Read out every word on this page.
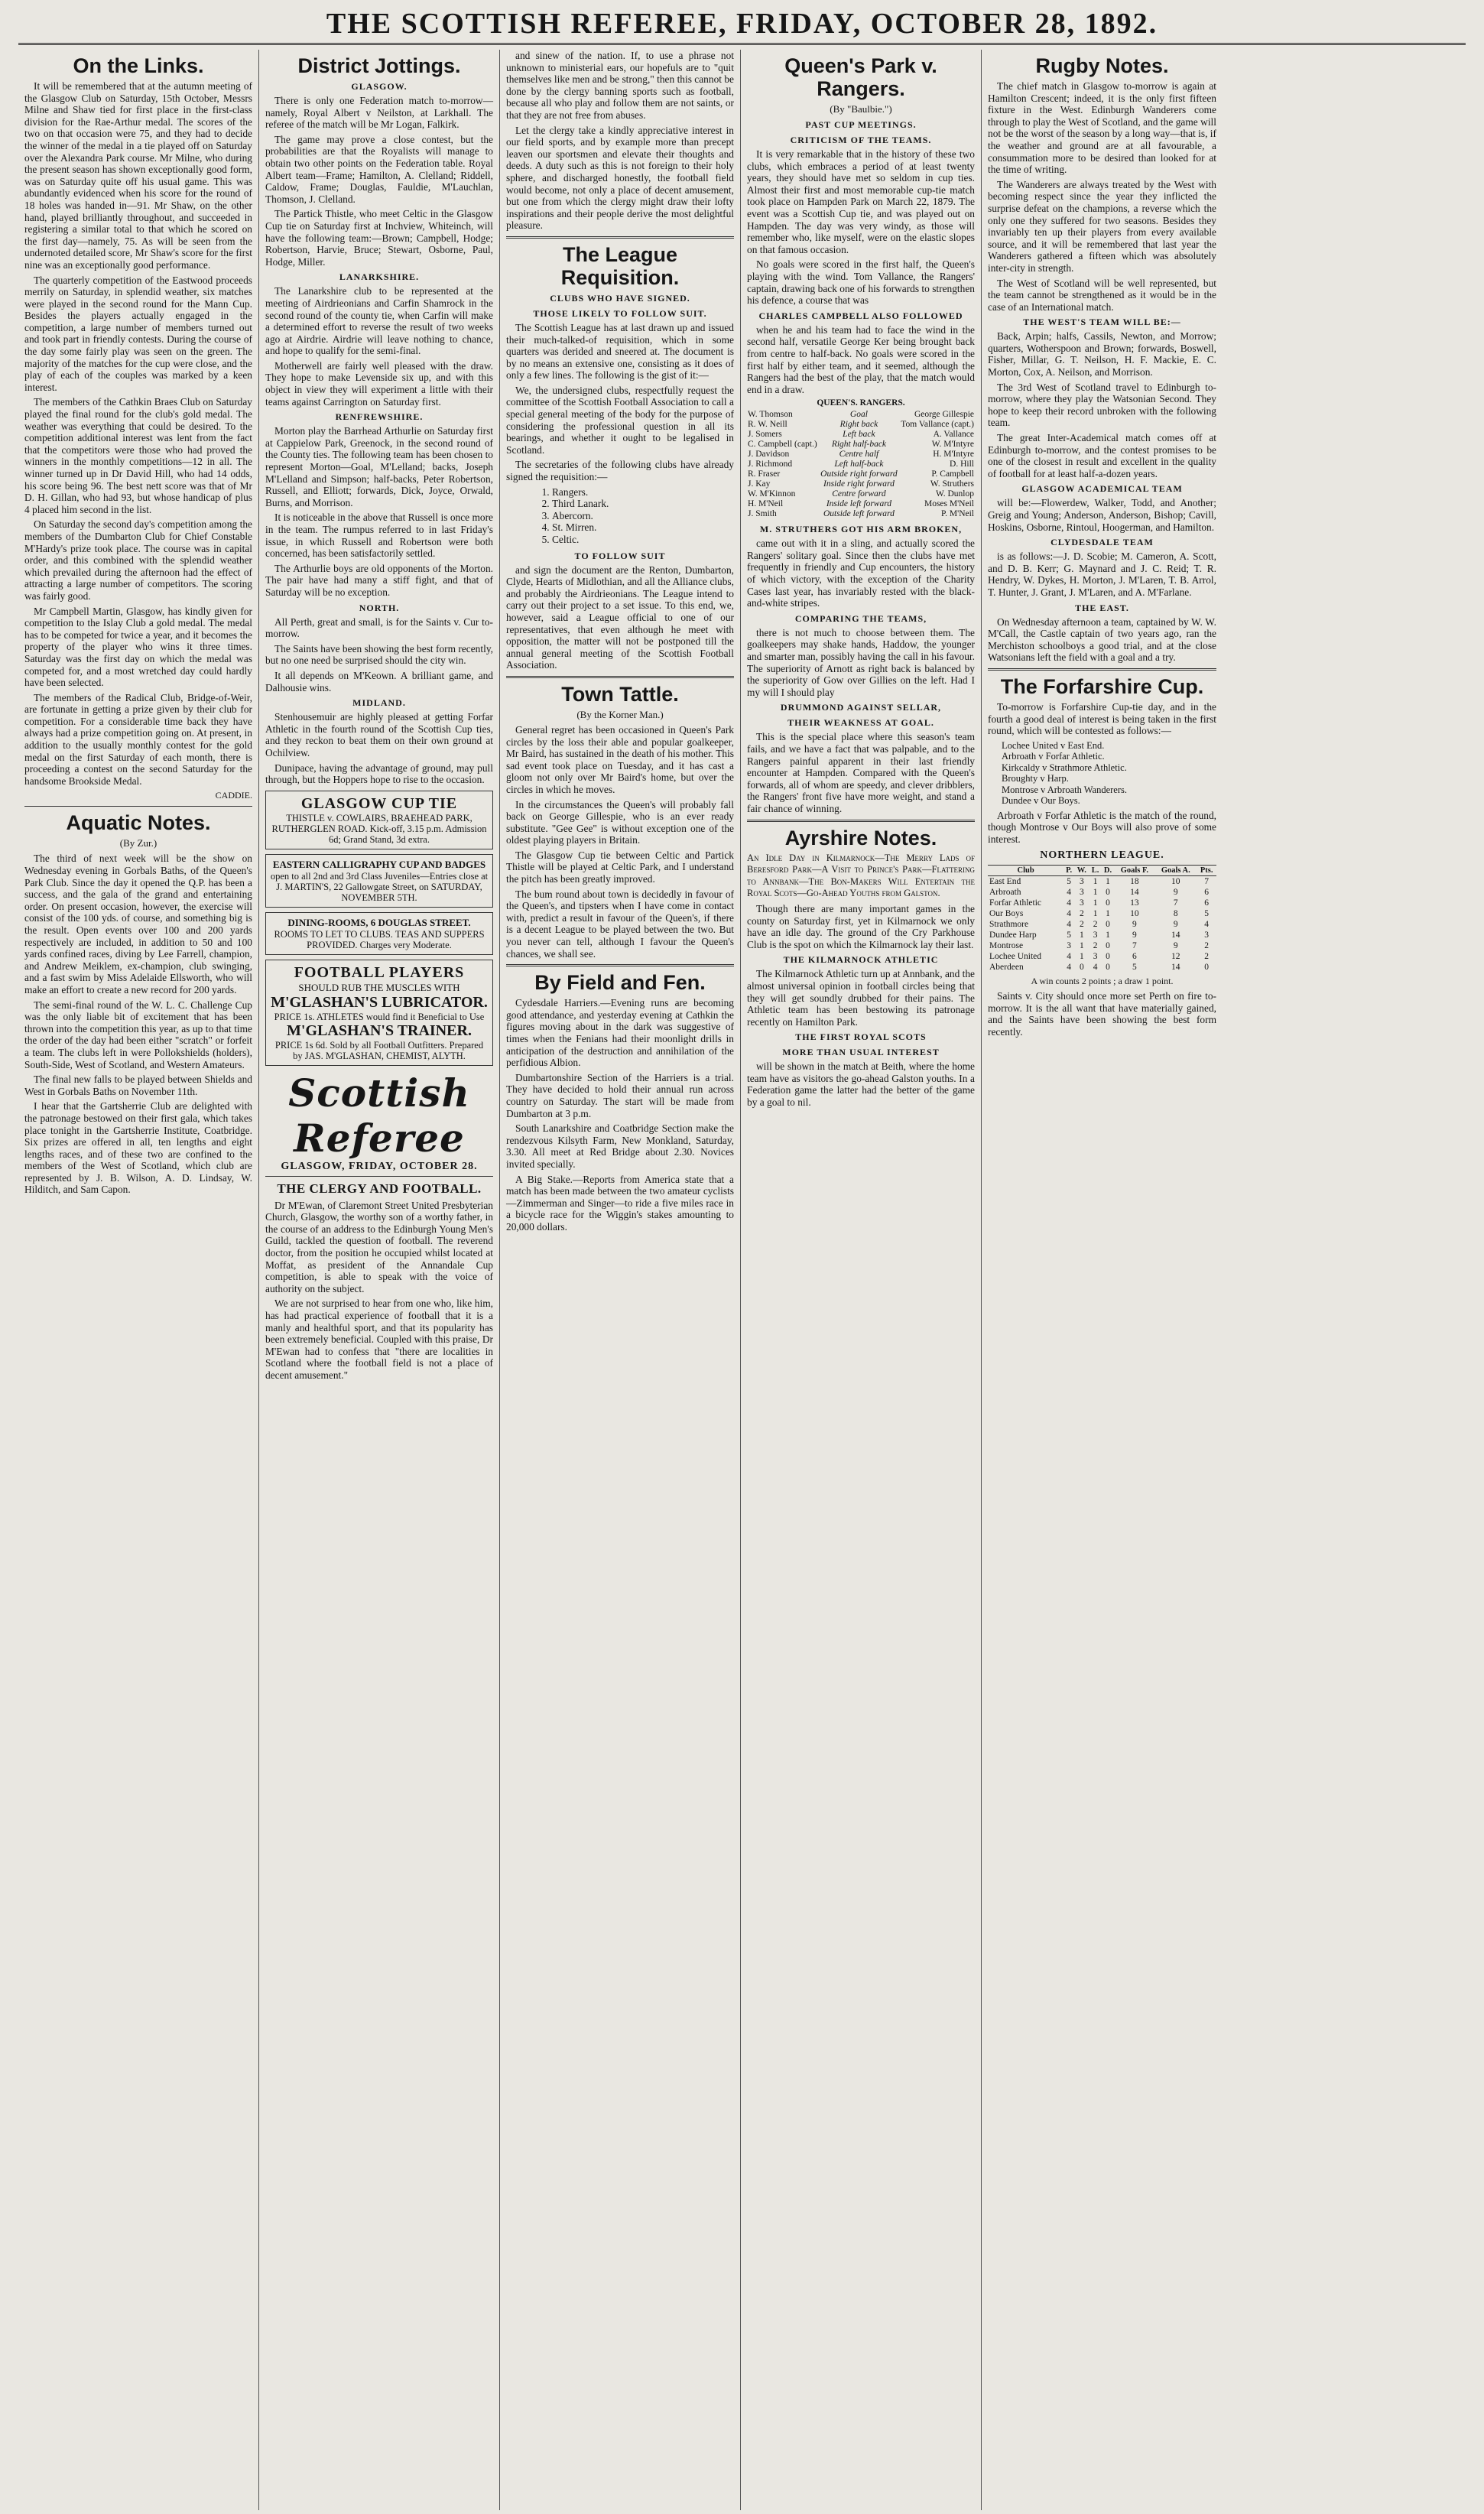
THE SCOTTISH REFEREE, FRIDAY, OCTOBER 28, 1892.
On the Links.

It will be remembered that at the autumn meeting of the Glasgow Club on Saturday, 15th October, Messrs Milne and Shaw tied for first place in the first-class division for the Rae-Arthur medal. The scores of the two on that occasion were 75, and they had to decide the winner of the medal in a tie played off on Saturday over the Alexandra Park course. Mr Milne, who during the present season has shown exceptionally good form, was on Saturday quite off his usual game. This was abundantly evidenced when his score for the round of 18 holes was handed in—91. Mr Shaw, on the other hand, played brilliantly throughout, and succeeded in registering a similar total to that which he scored on the first day—namely, 75. As will be seen from the undernoted detailed score, Mr Shaw's score for the first nine was an exceptionally good performance.

The quarterly competition of the Eastwood proceeds merrily on Saturday, in splendid weather, six matches were played in the second round for the Mann Cup. Besides the players actually engaged in the competition, a large number of members turned out and took part in friendly contests. During the course of the day some fairly play was seen on the green. The majority of the matches for the cup were close, and the play of each of the couples was marked by a keen interest.

The members of the Cathkin Braes Club on Saturday played the final round for the club's gold medal. The weather was everything that could be desired. To the competition additional interest was lent from the fact that the competitors were those who had proved the winners in the monthly competitions—12 in all. The winner turned up in Dr David Hill, who had 14 odds, his score being 96. The best nett score was that of Mr D. H. Gillan, who had 93, but whose handicap of plus 4 placed him second in the list.

On Saturday the second day's competition among the members of the Dumbarton Club for Chief Constable M'Hardy's prize took place. The course was in capital order, and this combined with the splendid weather which prevailed during the afternoon had the effect of attracting a large number of competitors. The scoring was fairly good.

Mr Campbell Martin, Glasgow, has kindly given for competition to the Islay Club a gold medal. The medal has to be competed for twice a year, and it becomes the property of the player who wins it three times. Saturday was the first day on which the medal was competed for, and a most wretched day could hardly have been selected.

The members of the Radical Club, Bridge-of-Weir, are fortunate in getting a prize given by their club for competition. For a considerable time back they have always had a prize competition going on. At present, in addition to the usually monthly contest for the gold medal on the first Saturday of each month, there is proceeding a contest on the second Saturday for the handsome Brookside Medal.

CADDIE.
Aquatic Notes.
(By Zur.)

The third of next week will be the show on Wednesday evening in Gorbals Baths, of the Queen's Park Club. Since the day it opened the Q.P. has been a success, and the gala of the grand and entertaining order. On present occasion, however, the exercise will consist of the 100 yds. of course, and something big is the result. Open events over 100 and 200 yards respectively are included, in addition to 50 and 100 yards confined races, diving by Lee Farrell, champion, and Andrew Meiklem, ex-champion, club swinging, and a fast swim by Miss Adelaide Ellsworth, who will make an effort to create a new record for 200 yards.

The semi-final round of the W. L. C. Challenge Cup was the only liable bit of excitement that has been thrown into the competition this year, as up to that time the order of the day had been either "scratch" or forfeit a team. The clubs left in were Pollokshields (holders), South-Side, West of Scotland, and Western Amateurs.

The final new falls to be played between Shields and West in Gorbals Baths on November 11th.

I hear that the Gartsherrie Club are delighted with the patronage bestowed on their first gala, which takes place tonight in the Gartsherrie Institute, Coatbridge. Six prizes are offered in all, ten lengths and eight lengths races, and of these two are confined to the members of the West of Scotland, which club are represented by J. B. Wilson, A. D. Lindsay, W. Hilditch, and Sam Capon.

District Jottings.
GLASGOW.

There is only one Federation match to-morrow—namely, Royal Albert v Neilston, at Larkhall. The referee of the match will be Mr Logan, Falkirk.

The game may prove a close contest, but the probabilities are that the Royalists will manage to obtain two other points on the Federation table. Royal Albert team—Frame; Hamilton, A. Clelland; Riddell, Caldow, Frame; Douglas, Fauldie, M'Lauchlan, Thomson, J. Clelland.

The Partick Thistle, who meet Celtic in the Glasgow Cup tie on Saturday first at Inchview, Whiteinch, will have the following team:—Brown; Campbell, Hodge; Robertson, Harvie, Bruce; Stewart, Osborne, Paul, Hodge, Miller.

LANARKSHIRE.

The Lanarkshire club to be represented at the meeting of Airdrieonians and Carfin Shamrock in the second round of the county tie, when Carfin will make a determined effort to reverse the result of two weeks ago at Airdrie. Airdrie will leave nothing to chance, and hope to qualify for the semi-final.

Motherwell are fairly well pleased with the draw. They hope to make Levenside six up, and with this object in view they will experiment a little with their teams against Carrington on Saturday first.

RENFREWSHIRE.

Morton play the Barrhead Arthurlie on Saturday first at Cappielow Park, Greenock, in the second round of the County ties. The following team has been chosen to represent Morton—Goal, M'Lelland; backs, Joseph M'Lelland and Simpson; half-backs, Peter Robertson, Russell, and Elliott; forwards, Dick, Joyce, Orwald, Burns, and Morrison.

It is noticeable in the above that Russell is once more in the team. The rumpus referred to in last Friday's issue, in which Russell and Robertson were both concerned, has been satisfactorily settled.

The Arthurlie boys are old opponents of the Morton. The pair have had many a stiff fight, and that of Saturday will be no exception.

NORTH.

All Perth, great and small, is for the Saints v. Cur to-morrow.

The Saints have been showing the best form recently, but no one need be surprised should the city win.

It all depends on M'Keown. A brilliant game, and Dalhousie wins.

MIDLAND.

Stenhousemuir are highly pleased at getting Forfar Athletic in the fourth round of the Scottish Cup ties, and they reckon to beat them on their own ground at Ochilview.

Dunipace, having the advantage of ground, may pull through, but the Hoppers hope to rise to the occasion.

GLASGOW CUP TIE
THISTLE v. COWLAIRS, BRAEHEAD PARK, RUTHERGLEN ROAD. Kick-off, 3.15 p.m. Admission 6d; Grand Stand, 3d extra.
EASTERN CALLIGRAPHY CUP AND BADGES
open to all 2nd and 3rd Class Juveniles—Entries close at J. MARTIN'S, 22 Gallowgate Street, on SATURDAY, NOVEMBER 5TH.
DINING-ROOMS, 6 DOUGLAS STREET.
ROOMS TO LET TO CLUBS. TEAS AND SUPPERS PROVIDED. Charges very Moderate.
FOOTBALL PLAYERS
SHOULD RUB THE MUSCLES WITH
M'GLASHAN'S LUBRICATOR.
PRICE 1s. ATHLETES would find it Beneficial to Use
M'GLASHAN'S TRAINER.
PRICE 1s 6d. Sold by all Football Outfitters. Prepared by JAS. M'GLASHAN, CHEMIST, ALYTH.
Scottish Referee
GLASGOW, FRIDAY, OCTOBER 28.
THE CLERGY AND FOOTBALL.

Dr M'Ewan, of Claremont Street United Presbyterian Church, Glasgow, the worthy son of a worthy father, in the course of an address to the Edinburgh Young Men's Guild, tackled the question of football. The reverend doctor, from the position he occupied whilst located at Moffat, as president of the Annandale Cup competition, is able to speak with the voice of authority on the subject.

We are not surprised to hear from one who, like him, has had practical experience of football that it is a manly and healthful sport, and that its popularity has been extremely beneficial. Coupled with this praise, Dr M'Ewan had to confess that "there are localities in Scotland where the football field is not a place of decent amusement."

and sinew of the nation. If, to use a phrase not unknown to ministerial ears, our hopefuls are to "quit themselves like men and be strong," then this cannot be done by the clergy banning sports such as football, because all who play and follow them are not saints, or that they are not free from abuses.

Let the clergy take a kindly appreciative interest in our field sports, and by example more than precept leaven our sportsmen and elevate their thoughts and deeds. A duty such as this is not foreign to their holy sphere, and discharged honestly, the football field would become, not only a place of decent amusement, but one from which the clergy might draw their lofty inspirations and their people derive the most delightful pleasure.

The League Requisition.
CLUBS WHO HAVE SIGNED.
THOSE LIKELY TO FOLLOW SUIT.

The Scottish League has at last drawn up and issued their much-talked-of requisition, which in some quarters was derided and sneered at. The document is by no means an extensive one, consisting as it does of only a few lines. The following is the gist of it:—

We, the undersigned clubs, respectfully request the committee of the Scottish Football Association to call a special general meeting of the body for the purpose of considering the professional question in all its bearings, and whether it ought to be legalised in Scotland.

The secretaries of the following clubs have already signed the requisition:—

1. Rangers.
2. Third Lanark.
3. Abercorn.
4. St. Mirren.
5. Celtic.
TO FOLLOW SUIT

and sign the document are the Renton, Dumbarton, Clyde, Hearts of Midlothian, and all the Alliance clubs, and probably the Airdrieonians. The League intend to carry out their project to a set issue. To this end, we, however, said a League official to one of our representatives, that even although he meet with opposition, the matter will not be postponed till the annual general meeting of the Scottish Football Association.

Town Tattle.
(By the Korner Man.)

General regret has been occasioned in Queen's Park circles by the loss their able and popular goalkeeper, Mr Baird, has sustained in the death of his mother. This sad event took place on Tuesday, and it has cast a gloom not only over Mr Baird's home, but over the circles in which he moves.

In the circumstances the Queen's will probably fall back on George Gillespie, who is an ever ready substitute. "Gee Gee" is without exception one of the oldest playing players in Britain.

The Glasgow Cup tie between Celtic and Partick Thistle will be played at Celtic Park, and I understand the pitch has been greatly improved.

The bum round about town is decidedly in favour of the Queen's, and tipsters when I have come in contact with, predict a result in favour of the Queen's, if there is a decent League to be played between the two. But you never can tell, although I favour the Queen's chances, we shall see.

By Field and Fen.

Cydesdale Harriers.—Evening runs are becoming good attendance, and yesterday evening at Cathkin the figures moving about in the dark was suggestive of times when the Fenians had their moonlight drills in anticipation of the destruction and annihilation of the perfidious Albion.

Dumbartonshire Section of the Harriers is a trial. They have decided to hold their annual run across country on Saturday. The start will be made from Dumbarton at 3 p.m.

South Lanarkshire and Coatbridge Section make the rendezvous Kilsyth Farm, New Monkland, Saturday, 3.30. All meet at Red Bridge about 2.30. Novices invited specially.

A Big Stake.—Reports from America state that a match has been made between the two amateur cyclists—Zimmerman and Singer—to ride a five miles race in a bicycle race for the Wiggin's stakes amounting to 20,000 dollars.

Queen's Park v. Rangers.
(By "Baulbie.")
PAST CUP MEETINGS.
CRITICISM OF THE TEAMS.

It is very remarkable that in the history of these two clubs, which embraces a period of at least twenty years, they should have met so seldom in cup ties. Almost their first and most memorable cup-tie match took place on Hampden Park on March 22, 1879. The event was a Scottish Cup tie, and was played out on Hampden. The day was very windy, as those will remember who, like myself, were on the elastic slopes on that famous occasion.

No goals were scored in the first half, the Queen's playing with the wind. Tom Vallance, the Rangers' captain, drawing back one of his forwards to strengthen his defence, a course that was

CHARLES CAMPBELL ALSO FOLLOWED

when he and his team had to face the wind in the second half, versatile George Ker being brought back from centre to half-back. No goals were scored in the first half by either team, and it seemed, although the Rangers had the best of the play, that the match would end in a draw.

QUEEN'S. RANGERS.
W. Thomson	Goal	George Gillespie
R. W. Neill	Right back	Tom Vallance (capt.)
J. Somers	Left back	A. Vallance
C. Campbell (capt.)	Right half-back	W. M'Intyre
J. Davidson	Centre half	H. M'Intyre
J. Richmond	Left half-back	D. Hill
R. Fraser	Outside right forward	P. Campbell
J. Kay	Inside right forward	W. Struthers
W. M'Kinnon	Centre forward	W. Dunlop
H. M'Neil	Inside left forward	Moses M'Neil
J. Smith	Outside left forward	P. M'Neil
M. STRUTHERS GOT HIS ARM BROKEN,

came out with it in a sling, and actually scored the Rangers' solitary goal. Since then the clubs have met frequently in friendly and Cup encounters, the history of which victory, with the exception of the Charity Cases last year, has invariably rested with the black-and-white stripes.

COMPARING THE TEAMS,

there is not much to choose between them. The goalkeepers may shake hands, Haddow, the younger and smarter man, possibly having the call in his favour. The superiority of Arnott as right back is balanced by the superiority of Gow over Gillies on the left. Had I my will I should play

DRUMMOND AGAINST SELLAR,
THEIR WEAKNESS AT GOAL.

This is the special place where this season's team fails, and we have a fact that was palpable, and to the Rangers painful apparent in their last friendly encounter at Hampden. Compared with the Queen's forwards, all of whom are speedy, and clever dribblers, the Rangers' front five have more weight, and stand a fair chance of winning.

Ayrshire Notes.

An Idle Day in Kilmarnock—The Merry Lads of Beresford Park—A Visit to Prince's Park—Flattering to Annbank—The Bon-Makers Will Entertain the Royal Scots—Go-Ahead Youths from Galston.

Though there are many important games in the county on Saturday first, yet in Kilmarnock we only have an idle day. The ground of the Cry Parkhouse Club is the spot on which the Kilmarnock lay their last.

THE KILMARNOCK ATHLETIC

The Kilmarnock Athletic turn up at Annbank, and the almost universal opinion in football circles being that they will get soundly drubbed for their pains. The Athletic team has been bestowing its patronage recently on Hamilton Park.

THE FIRST ROYAL SCOTS
MORE THAN USUAL INTEREST

will be shown in the match at Beith, where the home team have as visitors the go-ahead Galston youths. In a Federation game the latter had the better of the game by a goal to nil.

Rugby Notes.

The chief match in Glasgow to-morrow is again at Hamilton Crescent; indeed, it is the only first fifteen fixture in the West. Edinburgh Wanderers come through to play the West of Scotland, and the game will not be the worst of the season by a long way—that is, if the weather and ground are at all favourable, a consummation more to be desired than looked for at the time of writing.

The Wanderers are always treated by the West with becoming respect since the year they inflicted the surprise defeat on the champions, a reverse which the only one they suffered for two seasons. Besides they invariably ten up their players from every available source, and it will be remembered that last year the Wanderers gathered a fifteen which was absolutely inter-city in strength.

The West of Scotland will be well represented, but the team cannot be strengthened as it would be in the case of an International match.

THE WEST'S TEAM WILL BE:—

Back, Arpin; halfs, Cassils, Newton, and Morrow; quarters, Wotherspoon and Brown; forwards, Boswell, Fisher, Millar, G. T. Neilson, H. F. Mackie, E. C. Morton, Cox, A. Neilson, and Morrison.

The 3rd West of Scotland travel to Edinburgh to-morrow, where they play the Watsonian Second. They hope to keep their record unbroken with the following team.

The great Inter-Academical match comes off at Edinburgh to-morrow, and the contest promises to be one of the closest in result and excellent in the quality of football for at least half-a-dozen years.

GLASGOW ACADEMICAL TEAM

will be:—Flowerdew, Walker, Todd, and Another; Greig and Young; Anderson, Anderson, Bishop; Cavill, Hoskins, Osborne, Rintoul, Hoogerman, and Hamilton.

CLYDESDALE TEAM

is as follows:—J. D. Scobie; M. Cameron, A. Scott, and D. B. Kerr; G. Maynard and J. C. Reid; T. R. Hendry, W. Dykes, H. Morton, J. M'Laren, T. B. Arrol, T. Hunter, J. Grant, J. M'Laren, and A. M'Farlane.

THE EAST.

On Wednesday afternoon a team, captained by W. W. M'Call, the Castle captain of two years ago, ran the Merchiston schoolboys a good trial, and at the close Watsonians left the field with a goal and a try.

The Forfarshire Cup.

To-morrow is Forfarshire Cup-tie day, and in the fourth a good deal of interest is being taken in the first round, which will be contested as follows:—

Lochee United v East End.
Arbroath v Forfar Athletic.
Kirkcaldy v Strathmore Athletic.
Broughty v Harp.
Montrose v Arbroath Wanderers.
Dundee v Our Boys.

Arbroath v Forfar Athletic is the match of the round, though Montrose v Our Boys will also prove of some interest.

NORTHERN LEAGUE.
Club	P.	W.	L.	D.	Goals F.	Goals A.	Pts.
East End	5	3	1	1	18	10	7
Arbroath	4	3	1	0	14	9	6
Forfar Athletic	4	3	1	0	13	7	6
Our Boys	4	2	1	1	10	8	5
Strathmore	4	2	2	0	9	9	4
Dundee Harp	5	1	3	1	9	14	3
Montrose	3	1	2	0	7	9	2
Lochee United	4	1	3	0	6	12	2
Aberdeen	4	0	4	0	5	14	0

A win counts 2 points ; a draw 1 point.

Saints v. City should once more set Perth on fire to-morrow. It is the all want that have materially gained, and the Saints have been showing the best form recently.
